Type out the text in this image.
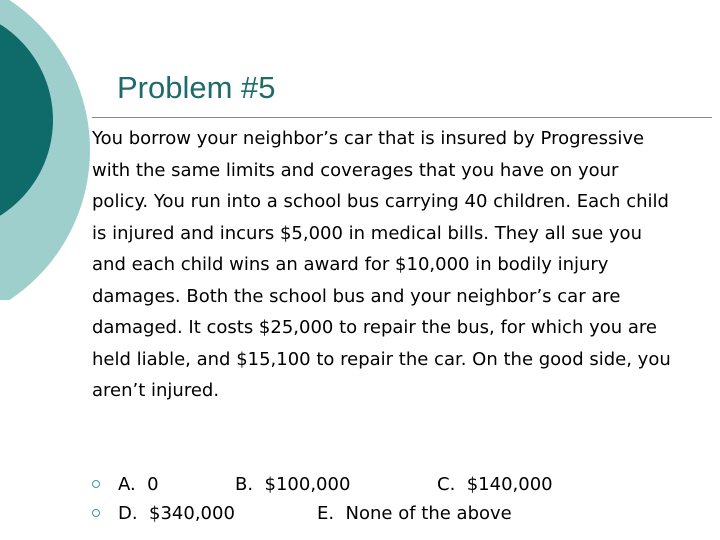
Problem #5

You borrow your neighbor’s car that is insured by Progressive with the same limits and coverages that you have on your policy. You run into a school bus carrying 40 children. Each child is injured and incurs $5,000 in medical bills. They all sue you and each child wins an award for $10,000 in bodily injury damages. Both the school bus and your neighbor’s car are damaged. It costs $25,000 to repair the bus, for which you are held liable, and $15,100 to repair the car. On the good side, you aren’t injured.

A.  0	B.  $100,000	C.  $140,000
D.  $340,000	E.  None of the above
